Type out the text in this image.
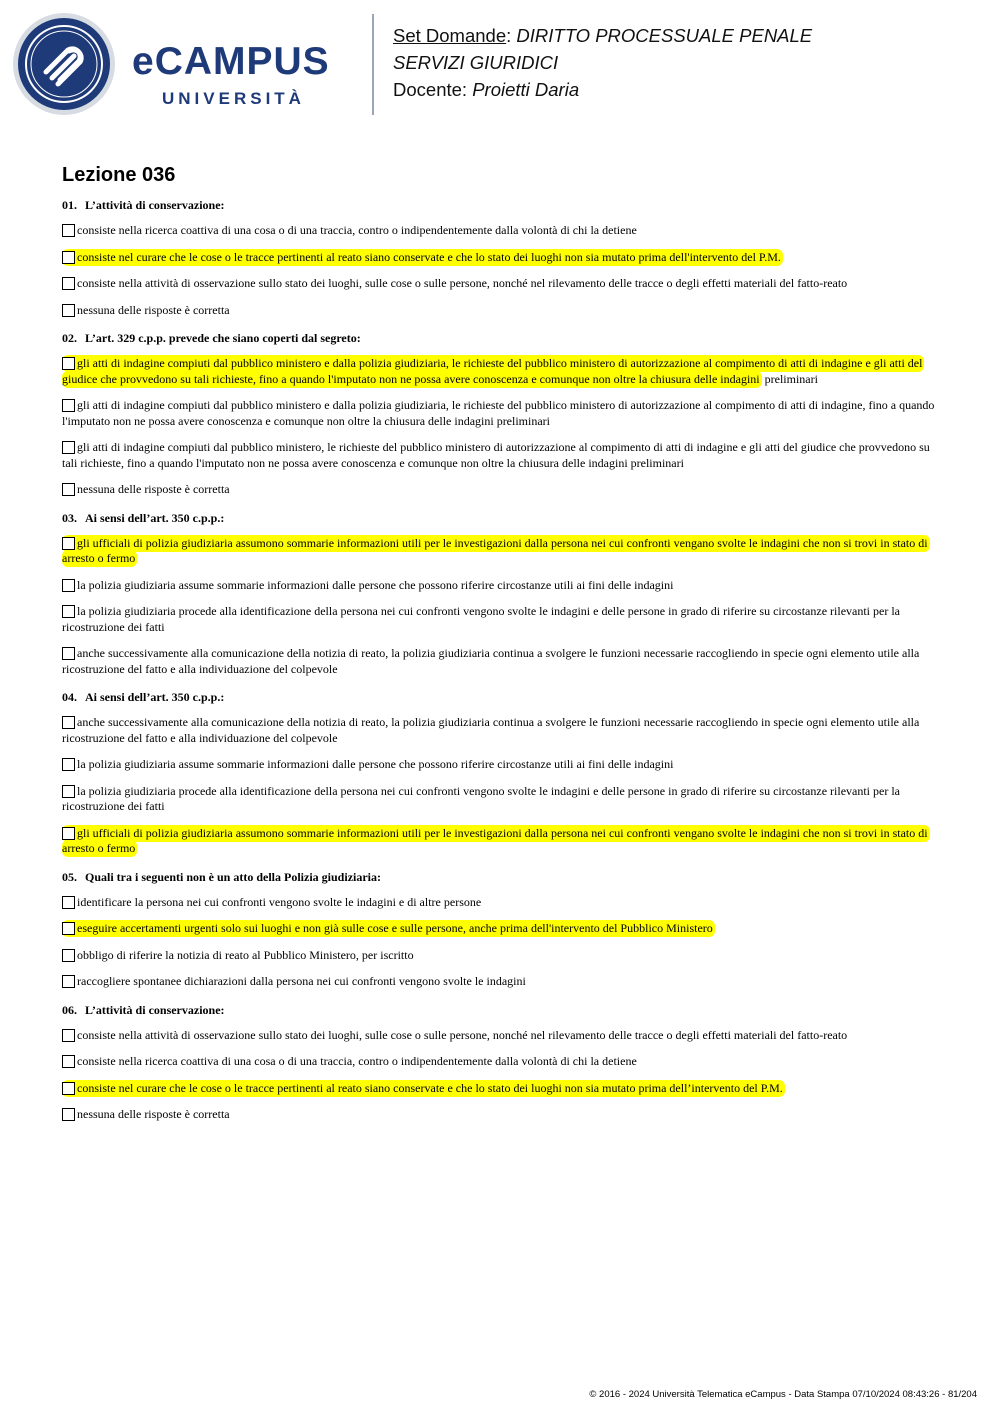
eCAMPUS
UNIVERSITÀ
Set Domande: DIRITTO PROCESSUALE PENALE
SERVIZI GIURIDICI
Docente: Proietti Daria
Lezione 036
01. L’attività di conservazione:
consiste nella ricerca coattiva di una cosa o di una traccia, contro o indipendentemente dalla volontà di chi la detiene
consiste nel curare che le cose o le tracce pertinenti al reato siano conservate e che lo stato dei luoghi non sia mutato prima dell'intervento del P.M.
consiste nella attività di osservazione sullo stato dei luoghi, sulle cose o sulle persone, nonché nel rilevamento delle tracce o degli effetti materiali del fatto-reato
nessuna delle risposte è corretta
02. L’art. 329 c.p.p. prevede che siano coperti dal segreto:
gli atti di indagine compiuti dal pubblico ministero e dalla polizia giudiziaria, le richieste del pubblico ministero di autorizzazione al compimento di atti di indagine e gli atti del giudice che provvedono su tali richieste, fino a quando l'imputato non ne possa avere conoscenza e comunque non oltre la chiusura delle indagini preliminari
gli atti di indagine compiuti dal pubblico ministero e dalla polizia giudiziaria, le richieste del pubblico ministero di autorizzazione al compimento di atti di indagine, fino a quando l'imputato non ne possa avere conoscenza e comunque non oltre la chiusura delle indagini preliminari
gli atti di indagine compiuti dal pubblico ministero, le richieste del pubblico ministero di autorizzazione al compimento di atti di indagine e gli atti del giudice che provvedono su tali richieste, fino a quando l'imputato non ne possa avere conoscenza e comunque non oltre la chiusura delle indagini preliminari
nessuna delle risposte è corretta
03. Ai sensi dell’art. 350 c.p.p.:
gli ufficiali di polizia giudiziaria assumono sommarie informazioni utili per le investigazioni dalla persona nei cui confronti vengano svolte le indagini che non si trovi in stato di arresto o fermo
la polizia giudiziaria assume sommarie informazioni dalle persone che possono riferire circostanze utili ai fini delle indagini
la polizia giudiziaria procede alla identificazione della persona nei cui confronti vengono svolte le indagini e delle persone in grado di riferire su circostanze rilevanti per la ricostruzione dei fatti
anche successivamente alla comunicazione della notizia di reato, la polizia giudiziaria continua a svolgere le funzioni necessarie raccogliendo in specie ogni elemento utile alla ricostruzione del fatto e alla individuazione del colpevole
04. Ai sensi dell’art. 350 c.p.p.:
anche successivamente alla comunicazione della notizia di reato, la polizia giudiziaria continua a svolgere le funzioni necessarie raccogliendo in specie ogni elemento utile alla ricostruzione del fatto e alla individuazione del colpevole
la polizia giudiziaria assume sommarie informazioni dalle persone che possono riferire circostanze utili ai fini delle indagini
la polizia giudiziaria procede alla identificazione della persona nei cui confronti vengono svolte le indagini e delle persone in grado di riferire su circostanze rilevanti per la ricostruzione dei fatti
gli ufficiali di polizia giudiziaria assumono sommarie informazioni utili per le investigazioni dalla persona nei cui confronti vengano svolte le indagini che non si trovi in stato di arresto o fermo
05. Quali tra i seguenti non è un atto della Polizia giudiziaria:
identificare la persona nei cui confronti vengono svolte le indagini e di altre persone
eseguire accertamenti urgenti solo sui luoghi e non già sulle cose e sulle persone, anche prima dell'intervento del Pubblico Ministero
obbligo di riferire la notizia di reato al Pubblico Ministero, per iscritto
raccogliere spontanee dichiarazioni dalla persona nei cui confronti vengono svolte le indagini
06. L’attività di conservazione:
consiste nella attività di osservazione sullo stato dei luoghi, sulle cose o sulle persone, nonché nel rilevamento delle tracce o degli effetti materiali del fatto-reato
consiste nella ricerca coattiva di una cosa o di una traccia, contro o indipendentemente dalla volontà di chi la detiene
consiste nel curare che le cose o le tracce pertinenti al reato siano conservate e che lo stato dei luoghi non sia mutato prima dell’intervento del P.M.
nessuna delle risposte è corretta
© 2016 - 2024 Università Telematica eCampus - Data Stampa 07/10/2024 08:43:26 - 81/204
